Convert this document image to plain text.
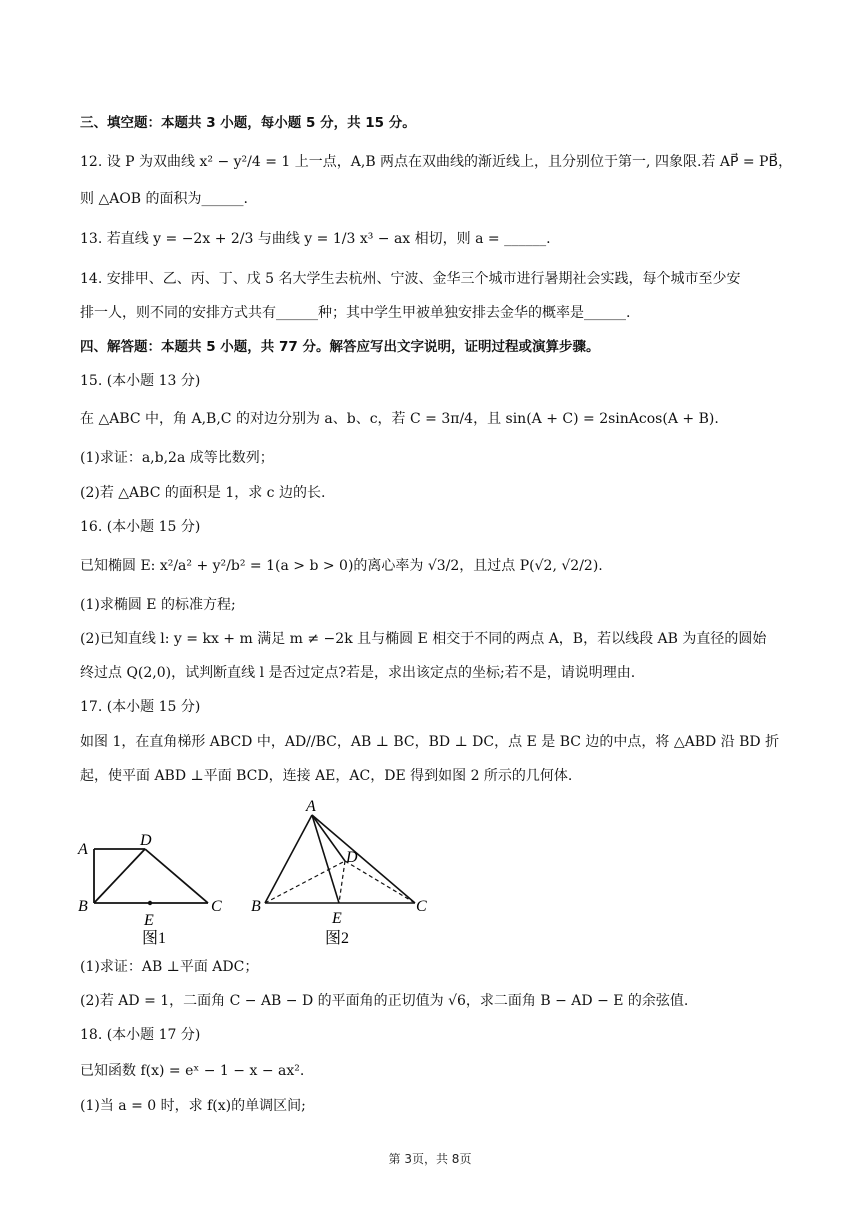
三、填空题：本题共 3 小题，每小题 5 分，共 15 分。
12. 设 P 为双曲线 x² − y²/4 = 1 上一点，A,B 两点在双曲线的渐近线上，且分别位于第一, 四象限.若 AP⃗ = PB⃗，
则 △AOB 的面积为______.
13. 若直线 y = −2x + 2/3 与曲线 y = 1/3 x³ − ax 相切，则 a = ______.
14. 安排甲、乙、丙、丁、戊 5 名大学生去杭州、宁波、金华三个城市进行暑期社会实践，每个城市至少安
排一人，则不同的安排方式共有______种；其中学生甲被单独安排去金华的概率是______.
四、解答题：本题共 5 小题，共 77 分。解答应写出文字说明，证明过程或演算步骤。
15. (本小题 13 分)
在 △ABC 中，角 A,B,C 的对边分别为 a、b、c，若 C = 3π/4，且 sin(A + C) = 2sinAcos(A + B).
(1)求证：a,b,2a 成等比数列；
(2)若 △ABC 的面积是 1，求 c 边的长.
16. (本小题 15 分)
已知椭圆 E: x²/a² + y²/b² = 1(a > b > 0)的离心率为 √3/2，且过点 P(√2, √2/2).
(1)求椭圆 E 的标准方程;
(2)已知直线 l: y = kx + m 满足 m ≠ −2k 且与椭圆 E 相交于不同的两点 A，B，若以线段 AB 为直径的圆始
终过点 Q(2,0)，试判断直线 l 是否过定点?若是，求出该定点的坐标;若不是，请说明理由.
17. (本小题 15 分)
如图 1，在直角梯形 ABCD 中，AD//BC，AB ⊥ BC，BD ⊥ DC，点 E 是 BC 边的中点，将 △ABD 沿 BD 折
起，使平面 ABD ⊥平面 BCD，连接 AE，AC，DE 得到如图 2 所示的几何体.
A
D
B
E
C
图1
A
D
B
E
C
图2
(1)求证：AB ⊥平面 ADC；
(2)若 AD = 1，二面角 C − AB − D 的平面角的正切值为 √6，求二面角 B − AD − E 的余弦值.
18. (本小题 17 分)
已知函数 f(x) = eˣ − 1 − x − ax².
(1)当 a = 0 时，求 f(x)的单调区间;
第 3页，共 8页
